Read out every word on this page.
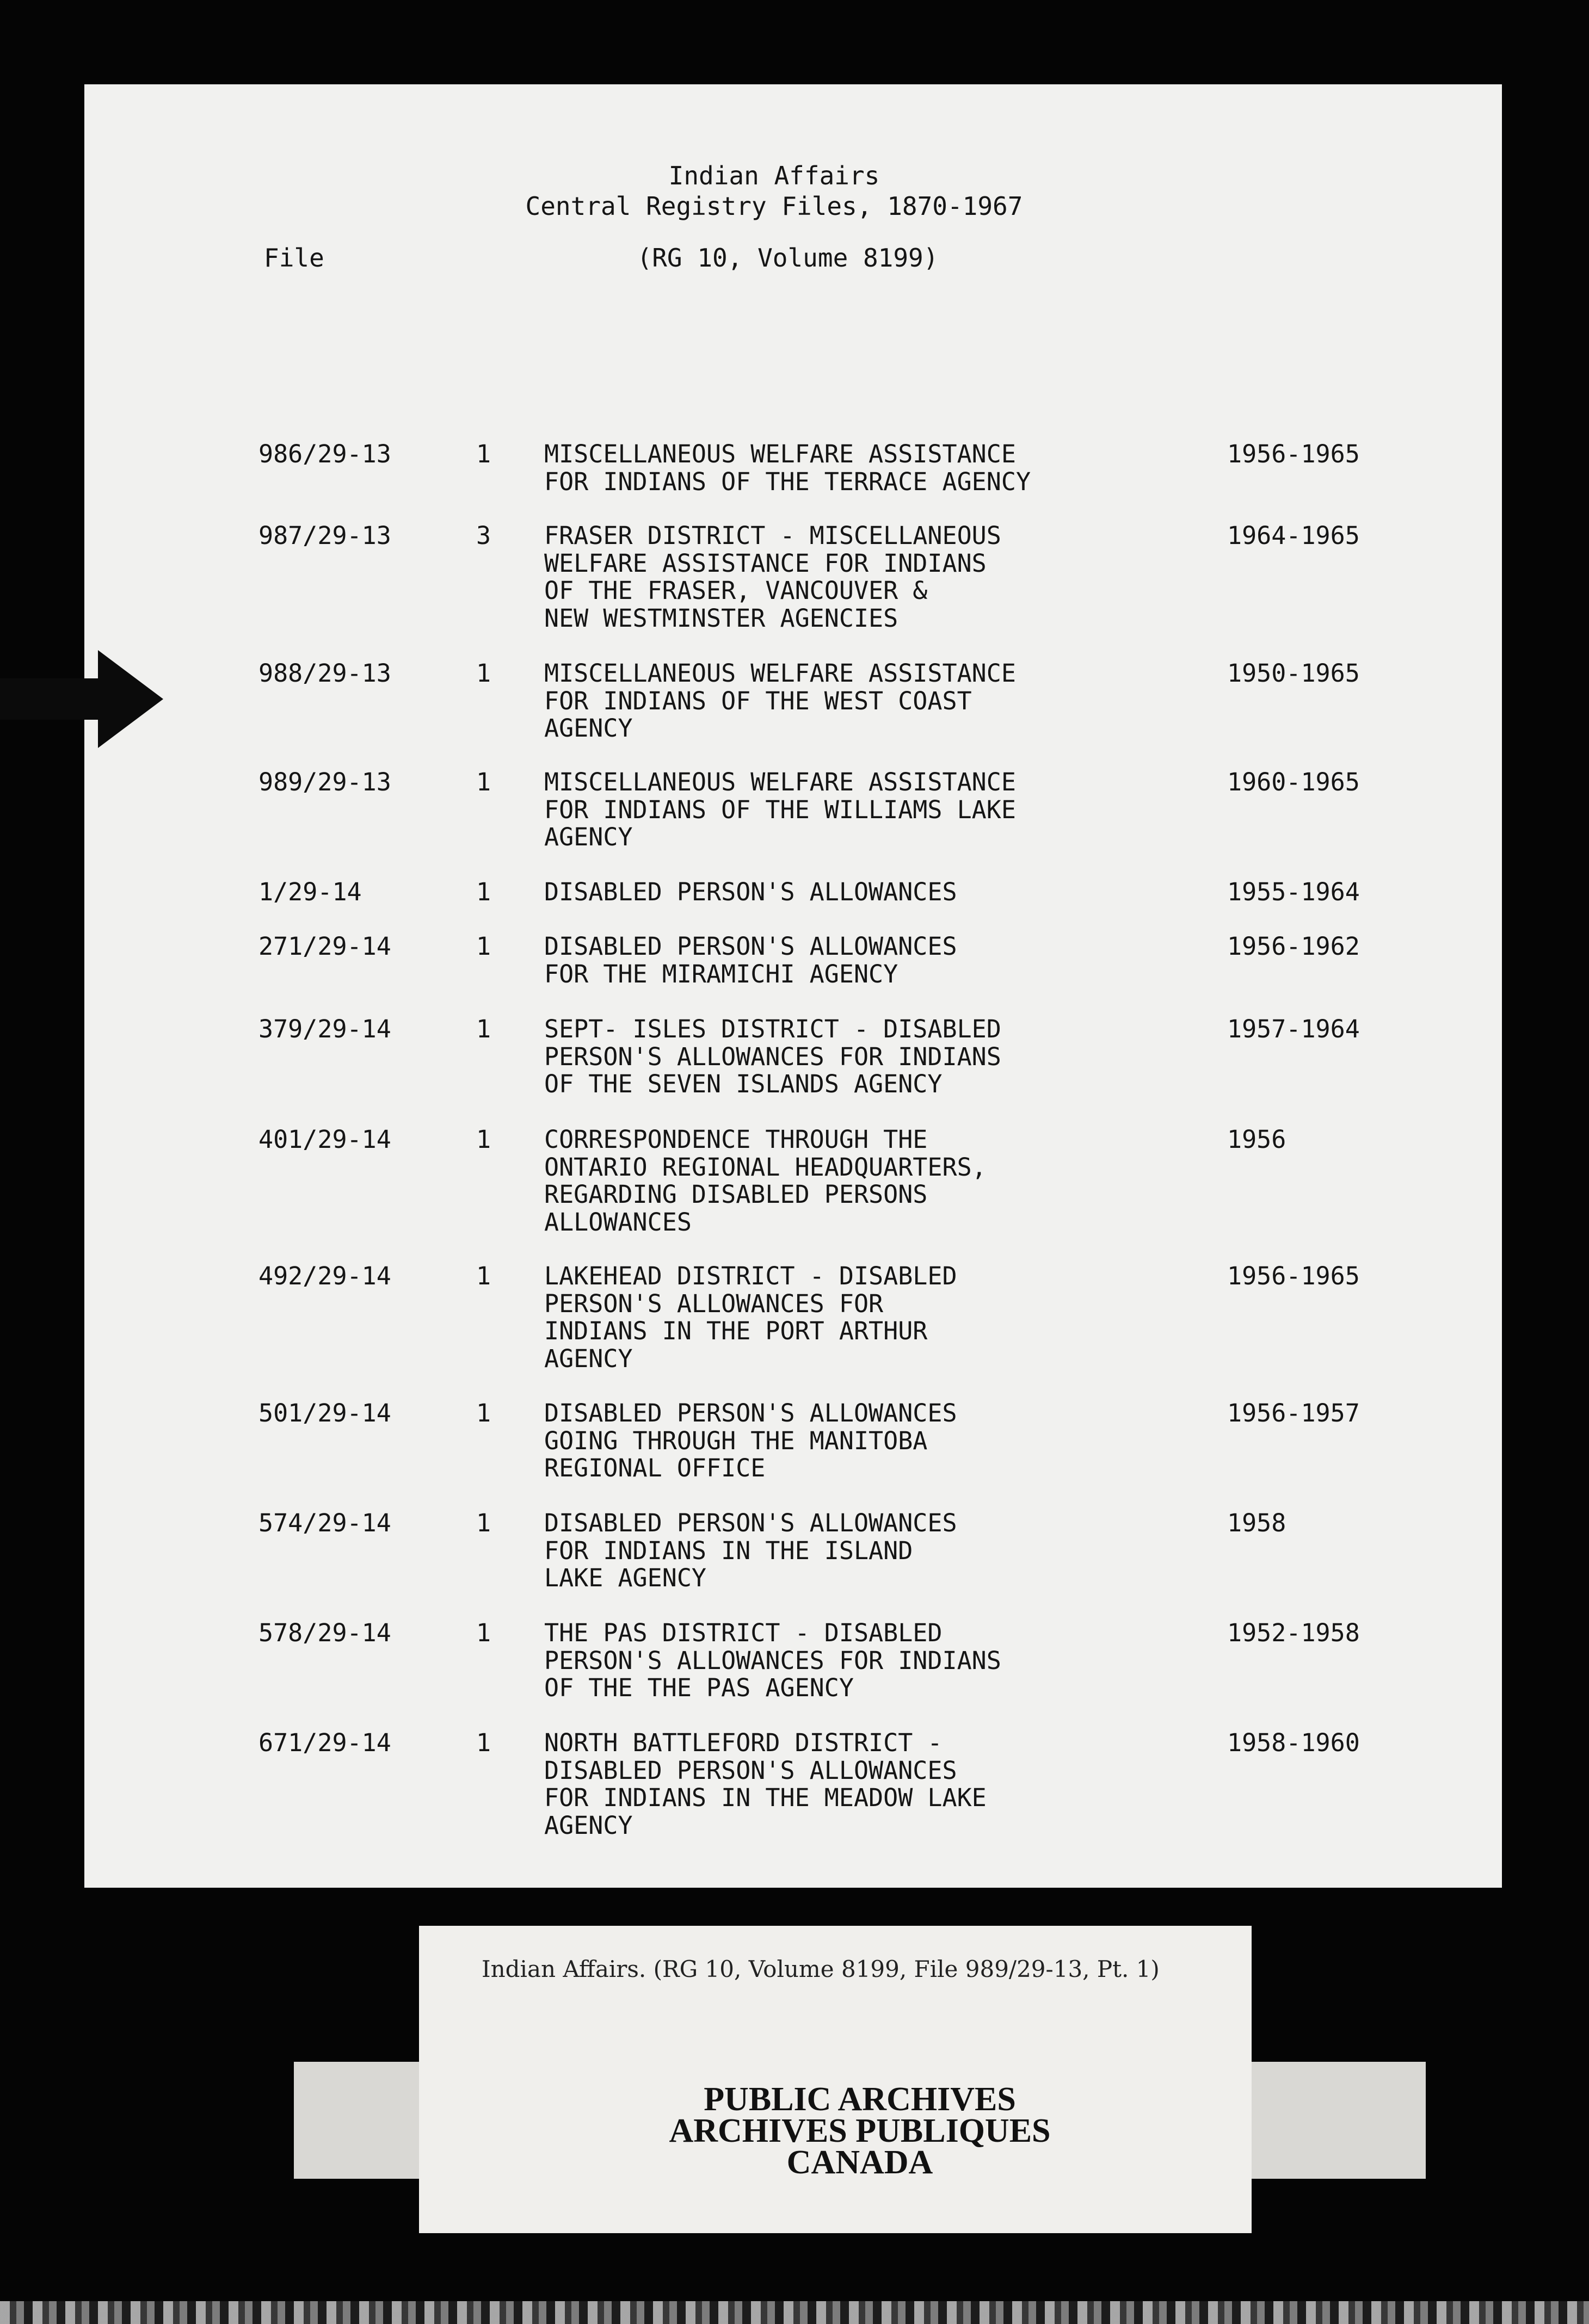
Indian Affairs
Central Registry Files, 1870-1967
File	(RG 10, Volume 8199)
986/29-13	1 MISCELLANEOUS WELFARE ASSISTANCE
FOR INDIANS OF THE TERRACE AGENCY
1956-1965
987/29-13	3 FRASER DISTRICT - MISCELLANEOUS
WELFARE ASSISTANCE FOR INDIANS
OF THE FRASER, VANCOUVER &
NEW WESTMINSTER AGENCIES
1964-1965
988/29-13	1 MISCELLANEOUS WELFARE ASSISTANCE
FOR INDIANS OF THE WEST COAST
AGENCY
1950-1965
989/29-13	1 MISCELLANEOUS WELFARE ASSISTANCE
FOR INDIANS OF THE WILLIAMS LAKE
AGENCY
1960-1965
1/29-14	1 DISABLED PERSON'S ALLOWANCES	1955-1964
271/29-14	1 DISABLED PERSON'S ALLOWANCES
FOR THE MIRAMICHI AGENCY
1956-1962
379/29-14	1 SEPT- ISLES DISTRICT - DISABLED
PERSON'S ALLOWANCES FOR INDIANS
OF THE SEVEN ISLANDS AGENCY
1957-1964
401/29-14	1 CORRESPONDENCE THROUGH THE
ONTARIO REGIONAL HEADQUARTERS,
REGARDING DISABLED PERSONS
ALLOWANCES
1956
492/29-14	1 LAKEHEAD DISTRICT - DISABLED
PERSON'S ALLOWANCES FOR
INDIANS IN THE PORT ARTHUR
AGENCY
1956-1965
501/29-14	1 DISABLED PERSON'S ALLOWANCES
GOING THROUGH THE MANITOBA
REGIONAL OFFICE
1956-1957
574/29-14	1 DISABLED PERSON'S ALLOWANCES
FOR INDIANS IN THE ISLAND
LAKE AGENCY
1958
578/29-14	1 THE PAS DISTRICT - DISABLED
PERSON'S ALLOWANCES FOR INDIANS
OF THE THE PAS AGENCY
1952-1958
671/29-14	1 NORTH BATTLEFORD DISTRICT -
DISABLED PERSON'S ALLOWANCES
FOR INDIANS IN THE MEADOW LAKE
AGENCY
1958-1960
Indian Affairs. (RG 10, Volume 8199, File 989/29-13, Pt. 1)
PUBLIC ARCHIVES
ARCHIVES PUBLIQUES
CANADA
